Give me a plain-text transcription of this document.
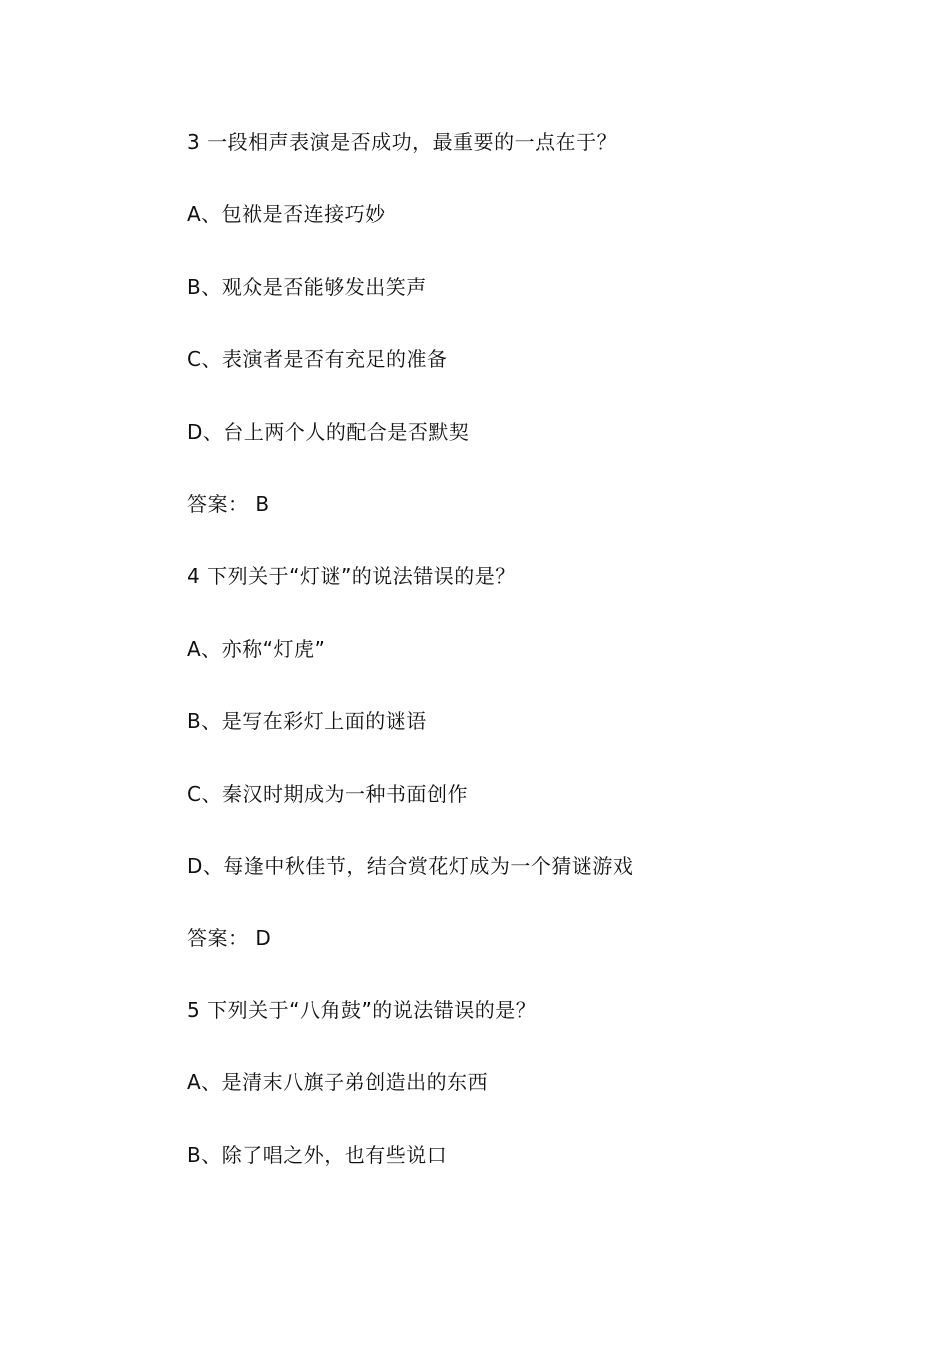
3 一段相声表演是否成功，最重要的一点在于？
A、包袱是否连接巧妙
B、观众是否能够发出笑声
C、表演者是否有充足的准备
D、台上两个人的配合是否默契
答案： B
4 下列关于“灯谜”的说法错误的是？
A、亦称“灯虎”
B、是写在彩灯上面的谜语
C、秦汉时期成为一种书面创作
D、每逢中秋佳节，结合赏花灯成为一个猜谜游戏
答案： D
5 下列关于“八角鼓”的说法错误的是？
A、是清末八旗子弟创造出的东西
B、除了唱之外，也有些说口
